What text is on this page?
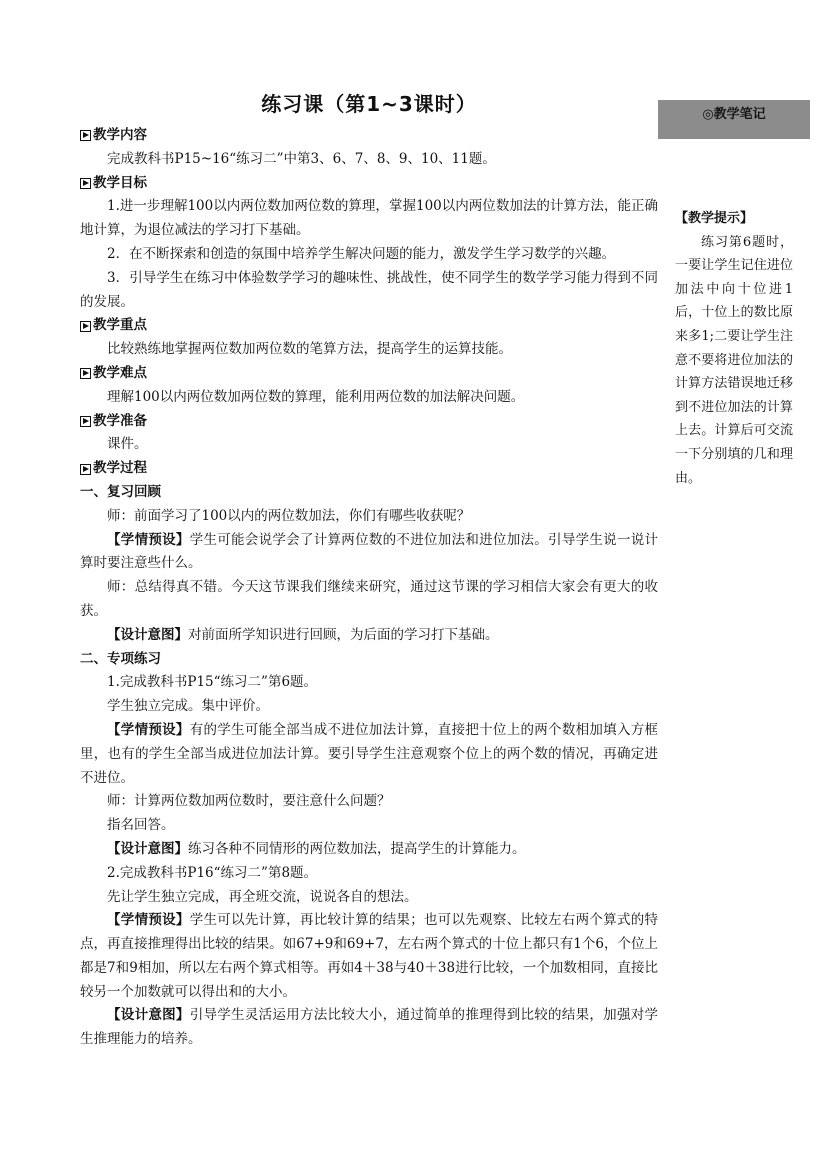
练习课（第1~3课时）	◎教学笔记
【教学提示】

练习第6题时，一要让学生记住进位加法中向十位进1后，十位上的数比原来多1;二要让学生注意不要将进位加法的计算方法错误地迁移到不进位加法的计算上去。计算后可交流一下分别填的几和理由。

教学内容

完成教科书P15~16“练习二”中第3、6、7、8、9、10、11题。

教学目标

1.进一步理解100以内两位数加两位数的算理，掌握100以内两位数加法的计算方法，能正确地计算，为退位减法的学习打下基础。

2．在不断探索和创造的氛围中培养学生解决问题的能力，激发学生学习数学的兴趣。

3．引导学生在练习中体验数学学习的趣味性、挑战性，使不同学生的数学学习能力得到不同的发展。

教学重点

比较熟练地掌握两位数加两位数的笔算方法，提高学生的运算技能。

教学难点

理解100以内两位数加两位数的算理，能利用两位数的加法解决问题。

教学准备

课件。

教学过程
一、复习回顾

师：前面学习了100以内的两位数加法，你们有哪些收获呢？

【学情预设】学生可能会说学会了计算两位数的不进位加法和进位加法。引导学生说一说计算时要注意些什么。

师：总结得真不错。今天这节课我们继续来研究，通过这节课的学习相信大家会有更大的收获。

【设计意图】对前面所学知识进行回顾，为后面的学习打下基础。

二、专项练习

1.完成教科书P15“练习二”第6题。

学生独立完成。集中评价。

【学情预设】有的学生可能全部当成不进位加法计算，直接把十位上的两个数相加填入方框里，也有的学生全部当成进位加法计算。要引导学生注意观察个位上的两个数的情况，再确定进不进位。

师：计算两位数加两位数时，要注意什么问题？

指名回答。

【设计意图】练习各种不同情形的两位数加法，提高学生的计算能力。

2.完成教科书P16“练习二”第8题。

先让学生独立完成，再全班交流，说说各自的想法。

【学情预设】学生可以先计算，再比较计算的结果；也可以先观察、比较左右两个算式的特点，再直接推理得出比较的结果。如67+9和69+7，左右两个算式的十位上都只有1个6，个位上都是7和9相加，所以左右两个算式相等。再如4＋38与40＋38进行比较，一个加数相同，直接比较另一个加数就可以得出和的大小。

【设计意图】引导学生灵活运用方法比较大小，通过简单的推理得到比较的结果，加强对学生推理能力的培养。
